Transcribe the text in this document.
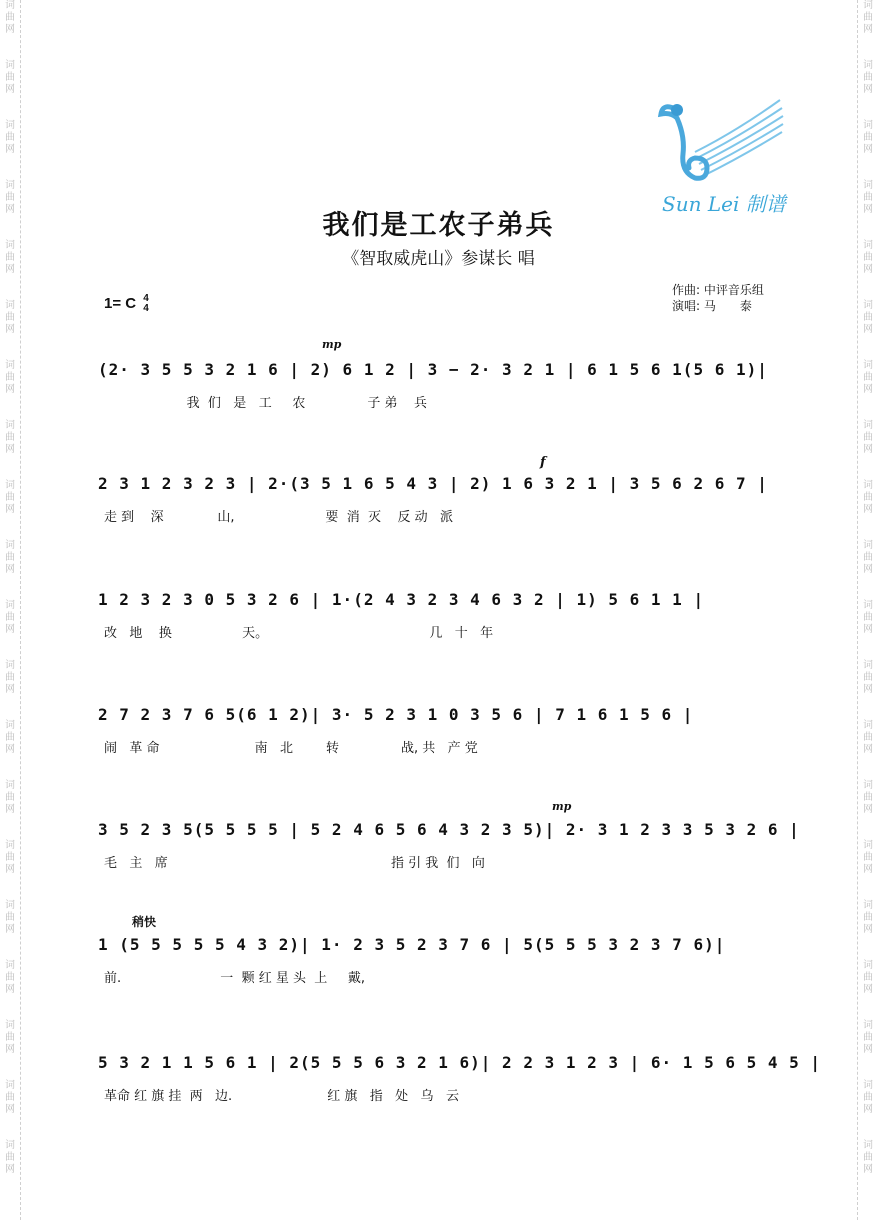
词
曲
网
词
曲
网
词
曲
网
词
曲
网
词
曲
网
词
曲
网
词
曲
网
词
曲
网
词
曲
网
词
曲
网
词
曲
网
词
曲
网
词
曲
网
词
曲
网
词
曲
网
词
曲
网
词
曲
网
词
曲
网
词
曲
网
词
曲
网
词
曲
网
词
曲
网
词
曲
网
词
曲
网
词
曲
网
词
曲
网
词
曲
网
词
曲
网
词
曲
网
词
曲
网
词
曲
网
词
曲
网
词
曲
网
词
曲
网
词
曲
网
词
曲
网
词
曲
网
词
曲
网
词
曲
网
词
曲
网
Sun Lei 制谱
我们是工农子弟兵
《智取威虎山》参谋长 唱
1= C 4
4
作曲: 中评音乐组
演唱: 马　　泰
mp
f
mp
稍快
(2· 3 5 5 3 2 1 6 | 2) 6 1 2 | 3 − 2· 3 2 1 | 6 1 5 6 1(5 6 1)|
我  们   是   工     农               子 弟    兵
2 3 1 2 3 2 3 | 2·(3 5 1 6 5 4 3 | 2) 1 6 3 2 1 | 3 5 6 2 6 7 |
走 到    深             山,                      要  消  灭    反 动   派
1 2 3 2 3 0 5 3 2 6 | 1·(2 4 3 2 3 4 6 3 2 | 1) 5 6 1 1 |
改   地    换                 天。                                       几   十   年
2 7 2 3 7 6 5(6 1 2)| 3· 5 2 3 1 0 3 5 6 | 7 1 6 1 5 6 |
闹   革 命                       南   北        转               战, 共   产 党
3 5 2 3 5(5 5 5 5 | 5 2 4 6 5 6 4 3 2 3 5)| 2· 3 1 2 3 3 5 3 2 6 |
毛   主   席                                                      指 引 我  们   向
1 (5 5 5 5 5 4 3 2)| 1· 2 3 5 2 3 7 6 | 5(5 5 5 3 2 3 7 6)|
前.                        一  颗 红 星 头  上     戴,
5 3 2 1 1 5 6 1 | 2(5 5 5 6 3 2 1 6)| 2 2 3 1 2 3 | 6· 1 5 6 5 4 5 |
革命 红 旗 挂  两   边.                       红 旗   指   处   乌   云
